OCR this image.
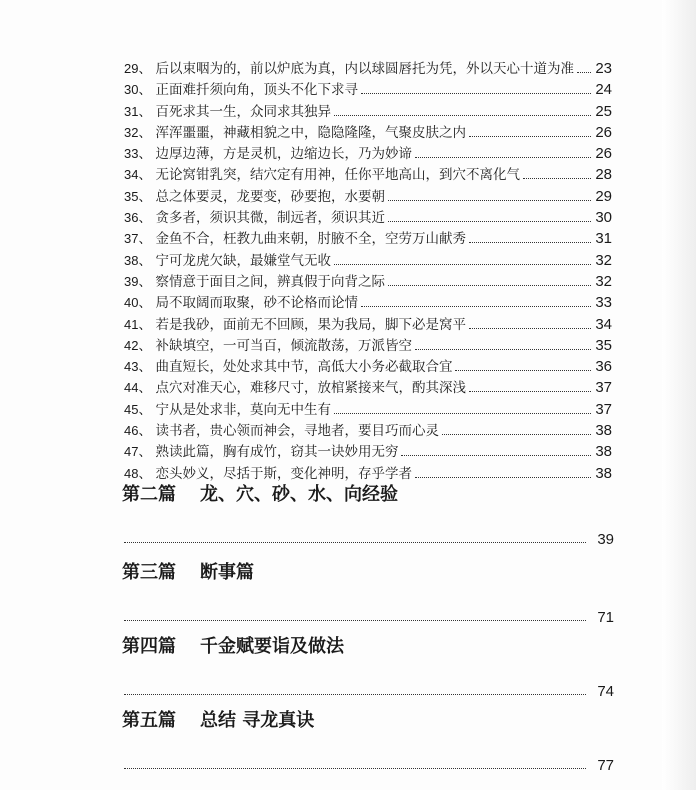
29、 后以束咽为的，前以炉底为真，内以球圆唇托为凭，外以天心十道为准 23
30、 正面难扦须向角，顶头不化下求寻	24
31、 百死求其一生，众同求其独异	25
32、 浑浑噩噩，神藏相貌之中，隐隐隆隆，气聚皮肤之内	26
33、 边厚边薄，方是灵机，边缩边长，乃为妙谛	26
34、 无论窝钳乳突，结穴定有用神，任你平地高山，到穴不离化气	28
35、 总之体要灵，龙要变，砂要抱，水要朝	29
36、 贪多者，须识其微，制远者，须识其近	30
37、 金鱼不合，枉教九曲来朝，肘腋不全，空劳万山献秀	31
38、 宁可龙虎欠缺，最嫌堂气无收	32
39、 察情意于面目之间，辨真假于向背之际	32
40、 局不取阔而取聚，砂不论格而论情	33
41、 若是我砂，面前无不回顾，果为我局，脚下必是窝平	34
42、 补缺填空，一可当百，倾流散荡，万派皆空	35
43、 曲直短长，处处求其中节，高低大小务必截取合宜	36
44、 点穴对准天心，难移尺寸，放棺紧接来气，酌其深浅	37
45、 宁从是处求非，莫向无中生有	37
46、 读书者，贵心领而神会，寻地者，要目巧而心灵	38
47、 熟读此篇，胸有成竹，窃其一诀妙用无穷	38
48、 恋头妙义，尽括于斯，变化神明，存乎学者	38
第二篇 龙、穴、砂、水、向经验
39
第三篇 断事篇
71
第四篇 千金赋要诣及做法
74
第五篇 总结 寻龙真诀
77
